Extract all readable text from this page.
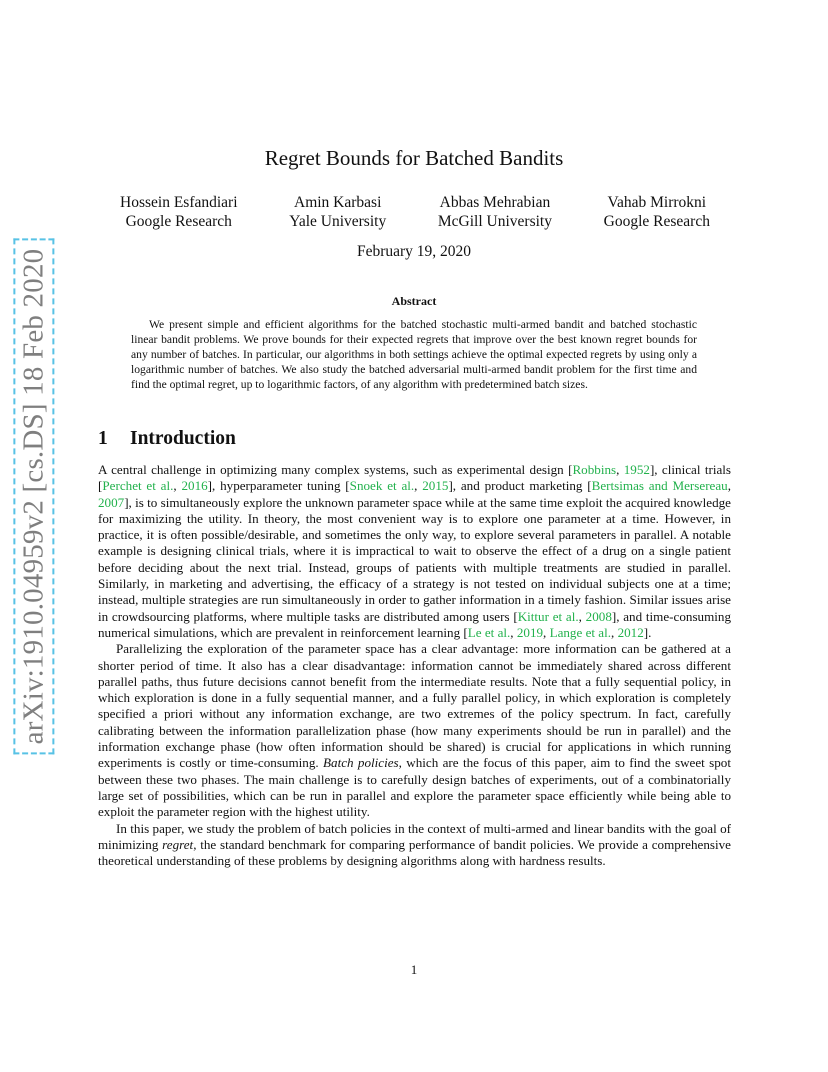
arXiv:1910.04959v2 [cs.DS] 18 Feb 2020
Regret Bounds for Batched Bandits
Hossein Esfandiari
Google Research
Amin Karbasi
Yale University
Abbas Mehrabian
McGill University
Vahab Mirrokni
Google Research
February 19, 2020
Abstract

We present simple and efficient algorithms for the batched stochastic multi-armed bandit and batched stochastic linear bandit problems. We prove bounds for their expected regrets that improve over the best known regret bounds for any number of batches. In particular, our algorithms in both settings achieve the optimal expected regrets by using only a logarithmic number of batches. We also study the batched adversarial multi-armed bandit problem for the first time and find the optimal regret, up to logarithmic factors, of any algorithm with predetermined batch sizes.

1 Introduction

A central challenge in optimizing many complex systems, such as experimental design [Robbins, 1952], clinical trials [Perchet et al., 2016], hyperparameter tuning [Snoek et al., 2015], and product marketing [Bertsimas and Mersereau, 2007], is to simultaneously explore the unknown parameter space while at the same time exploit the acquired knowledge for maximizing the utility. In theory, the most convenient way is to explore one parameter at a time. However, in practice, it is often possible/desirable, and sometimes the only way, to explore several parameters in parallel. A notable example is designing clinical trials, where it is impractical to wait to observe the effect of a drug on a single patient before deciding about the next trial. Instead, groups of patients with multiple treatments are studied in parallel. Similarly, in marketing and advertising, the efficacy of a strategy is not tested on individual subjects one at a time; instead, multiple strategies are run simultaneously in order to gather information in a timely fashion. Similar issues arise in crowdsourcing platforms, where multiple tasks are distributed among users [Kittur et al., 2008], and time-consuming numerical simulations, which are prevalent in reinforcement learning [Le et al., 2019, Lange et al., 2012].

Parallelizing the exploration of the parameter space has a clear advantage: more information can be gathered at a shorter period of time. It also has a clear disadvantage: information cannot be immediately shared across different parallel paths, thus future decisions cannot benefit from the intermediate results. Note that a fully sequential policy, in which exploration is done in a fully sequential manner, and a fully parallel policy, in which exploration is completely specified a priori without any information exchange, are two extremes of the policy spectrum. In fact, carefully calibrating between the information parallelization phase (how many experiments should be run in parallel) and the information exchange phase (how often information should be shared) is crucial for applications in which running experiments is costly or time-consuming. Batch policies, which are the focus of this paper, aim to find the sweet spot between these two phases. The main challenge is to carefully design batches of experiments, out of a combinatorially large set of possibilities, which can be run in parallel and explore the parameter space efficiently while being able to exploit the parameter region with the highest utility.

In this paper, we study the problem of batch policies in the context of multi-armed and linear bandits with the goal of minimizing regret, the standard benchmark for comparing performance of bandit policies. We provide a comprehensive theoretical understanding of these problems by designing algorithms along with hardness results.

1
